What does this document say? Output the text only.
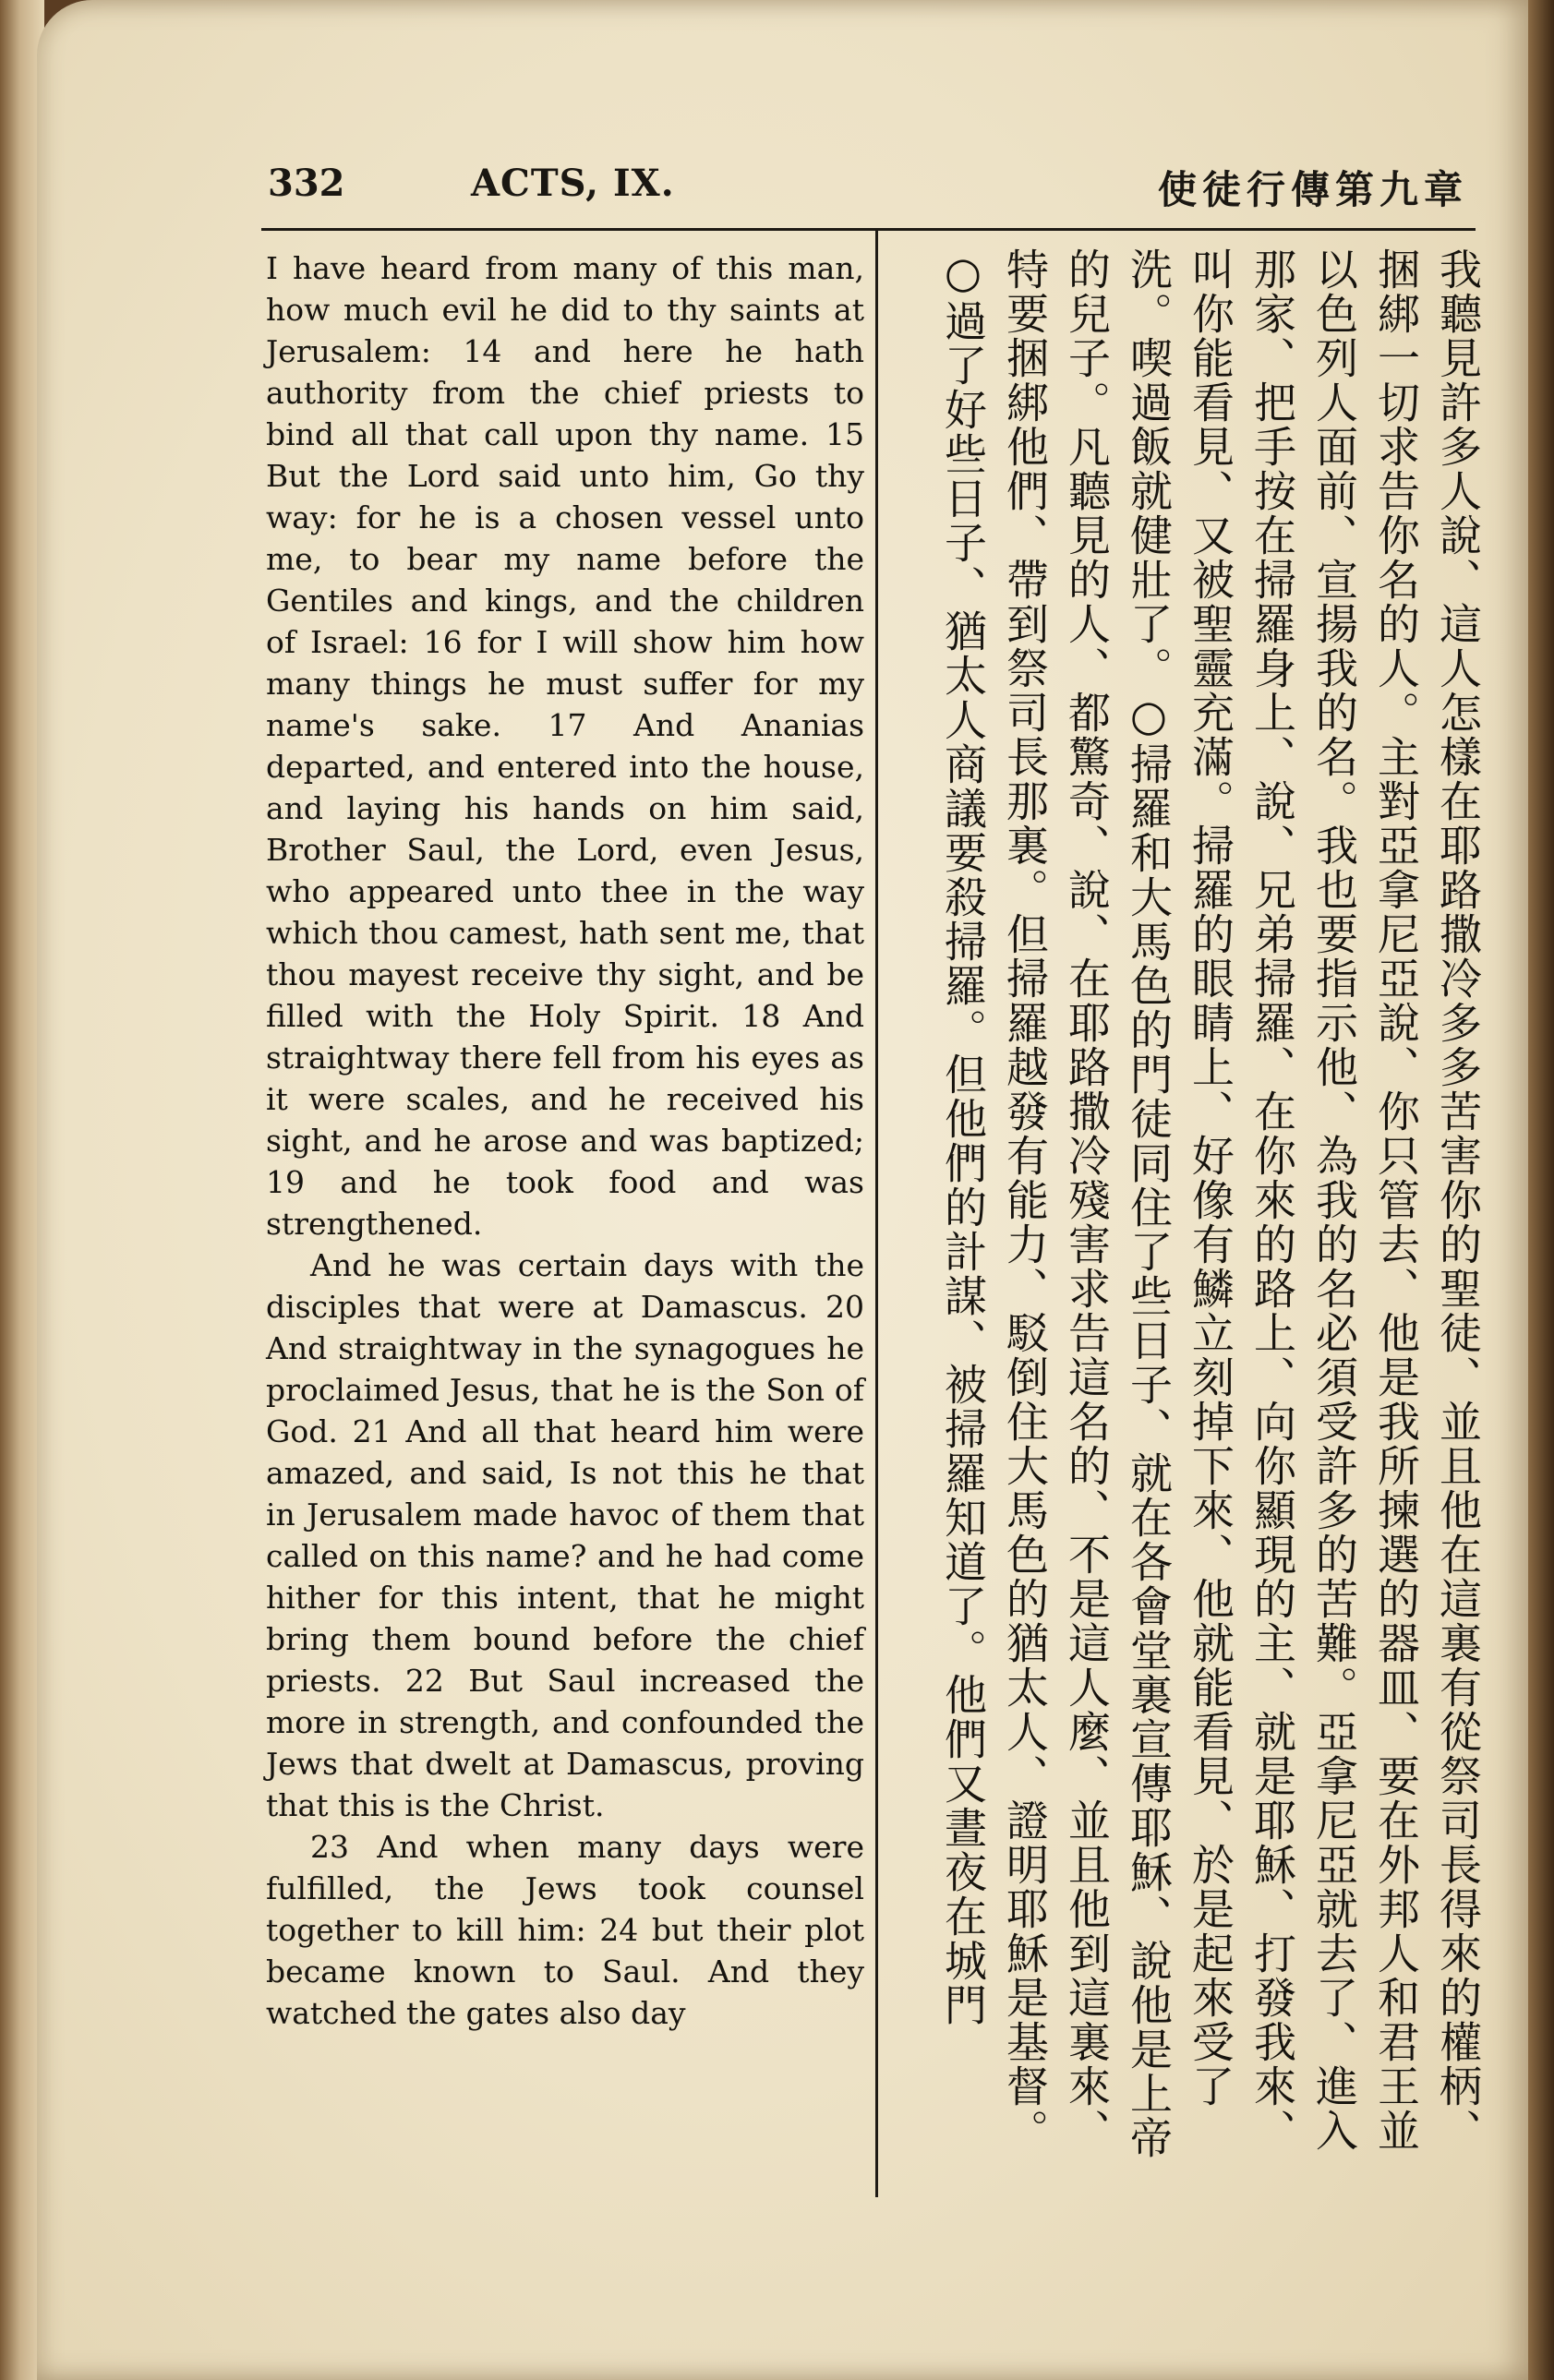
332	ACTS, IX.	使徒行傳第九章

I have heard from many of this man, how much evil he did to thy saints at Jerusalem: 14 and here he hath authority from the chief priests to bind all that call upon thy name. 15 But the Lord said unto him, Go thy way: for he is a chosen vessel unto me, to bear my name before the Gentiles and kings, and the children of Israel: 16 for I will show him how many things he must suffer for my name's sake. 17 And Ananias departed, and entered into the house, and laying his hands on him said, Brother Saul, the Lord, even Jesus, who appeared unto thee in the way which thou camest, hath sent me, that thou mayest receive thy sight, and be filled with the Holy Spirit. 18 And straightway there fell from his eyes as it were scales, and he received his sight, and he arose and was baptized; 19 and he took food and was strengthened.

And he was certain days with the disciples that were at Damascus. 20 And straightway in the synagogues he proclaimed Jesus, that he is the Son of God. 21 And all that heard him were amazed, and said, Is not this he that in Jerusalem made havoc of them that called on this name? and he had come hither for this intent, that he might bring them bound before the chief priests. 22 But Saul increased the more in strength, and confounded the Jews that dwelt at Damascus, proving that this is the Christ.

23 And when many days were fulfilled, the Jews took counsel together to kill him: 24 but their plot became known to Saul. And they watched the gates also day	我聽見許多人說、這人怎樣在耶路撒冷多多苦害你的聖徒、並且他在這裏有從祭司長得來的權柄、捆綁一切求告你名的人。主對亞拿尼亞說、你只管去、他是我所揀選的器皿、要在外邦人和君王並以色列人面前、宣揚我的名。我也要指示他、為我的名必須受許多的苦難。亞拿尼亞就去了、進入那家、把手按在掃羅身上、說、兄弟掃羅、在你來的路上、向你顯現的主、就是耶穌、打發我來、叫你能看見、又被聖靈充滿。掃羅的眼睛上、好像有鱗立刻掉下來、他就能看見、於是起來受了洗。喫過飯就健壯了。○掃羅和大馬色的門徒同住了些日子、就在各會堂裏宣傳耶穌、說他是上帝的兒子。凡聽見的人、都驚奇、說、在耶路撒冷殘害求告這名的、不是這人麼、並且他到這裏來、特要捆綁他們、帶到祭司長那裏。但掃羅越發有能力、駁倒住大馬色的猶太人、證明耶穌是基督。○過了好些日子、猶太人商議要殺掃羅。但他們的計謀、被掃羅知道了。他們又晝夜在城門
